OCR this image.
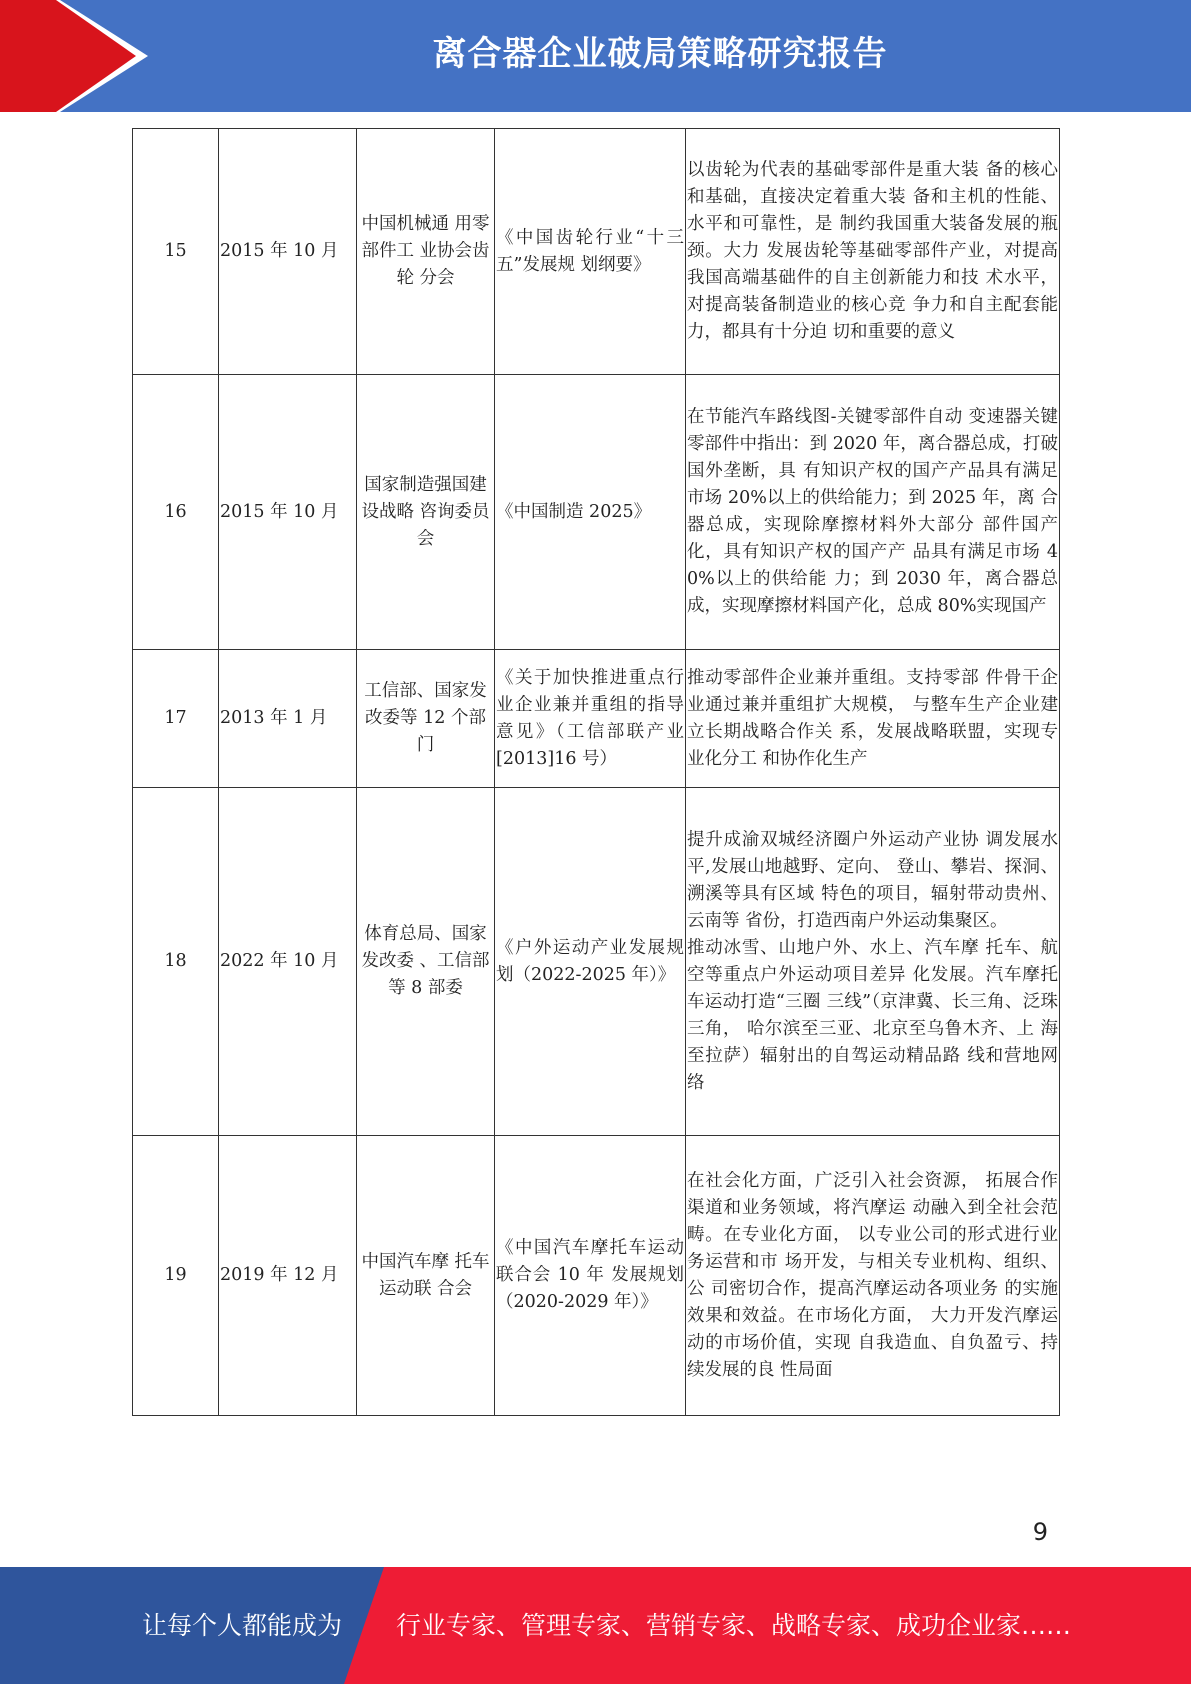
离合器企业破局策略研究报告
15	2015 年 10 月	中国机械通 用零部件工 业协会齿轮 分会	《中国齿轮行业“十三五”发展规 划纲要》	以齿轮为代表的基础零部件是重大装 备的核心和基础，直接决定着重大装 备和主机的性能、水平和可靠性，是 制约我国重大装备发展的瓶颈。大力 发展齿轮等基础零部件产业，对提高 我国高端基础件的自主创新能力和技 术水平，对提高装备制造业的核心竞 争力和自主配套能力，都具有十分迫 切和重要的意义

16	2015 年 10 月	国家制造强国建设战略 咨询委员会	《中国制造 2025》	在节能汽车路线图-关键零部件自动 变速器关键零部件中指出：到 2020 年，离合器总成，打破国外垄断，具 有知识产权的国产产品具有满足市场 20%以上的供给能力；到 2025 年，离 合器总成，实现除摩擦材料外大部分 部件国产化，具有知识产权的国产产 品具有满足市场 40%以上的供给能 力；到 2030 年，离合器总成，实现摩擦材料国产化，总成 80%实现国产

17	2013 年 1 月	工信部、国家发改委等 12 个部门	《关于加快推进重点行业企业兼并重组的指导意见》（工信部联产业 [2013]16 号）	推动零部件企业兼并重组。支持零部 件骨干企业通过兼并重组扩大规模， 与整车生产企业建立长期战略合作关 系，发展战略联盟，实现专业化分工 和协作化生产

18	2022 年 10 月	体育总局、国家发改委 、工信部等 8 部委	《户外运动产业发展规划（2022-2025 年）》	提升成渝双城经济圈户外运动产业协 调发展水平,发展山地越野、定向、 登山、攀岩、探洞、溯溪等具有区域 特色的项目，辐射带动贵州、云南等 省份，打造西南户外运动集聚区。
推动冰雪、山地户外、水上、汽车摩 托车、航空等重点户外运动项目差异 化发展。汽车摩托车运动打造“三圈 三线”（京津冀、长三角、泛珠三角， 哈尔滨至三亚、北京至乌鲁木齐、上 海至拉萨）辐射出的自驾运动精品路 线和营地网络

19	2019 年 12 月	中国汽车摩 托车运动联 合会	《中国汽车摩托车运动联合会 10 年 发展规划（2020-2029 年）》	在社会化方面，广泛引入社会资源， 拓展合作渠道和业务领域，将汽摩运 动融入到全社会范畴。在专业化方面， 以专业公司的形式进行业务运营和市 场开发，与相关专业机构、组织、公 司密切合作，提高汽摩运动各项业务 的实施效果和效益。在市场化方面， 大力开发汽摩运动的市场价值，实现 自我造血、自负盈亏、持续发展的良 性局面
9
让每个人都能成为 行业专家、管理专家、营销专家、战略专家、成功企业家……
